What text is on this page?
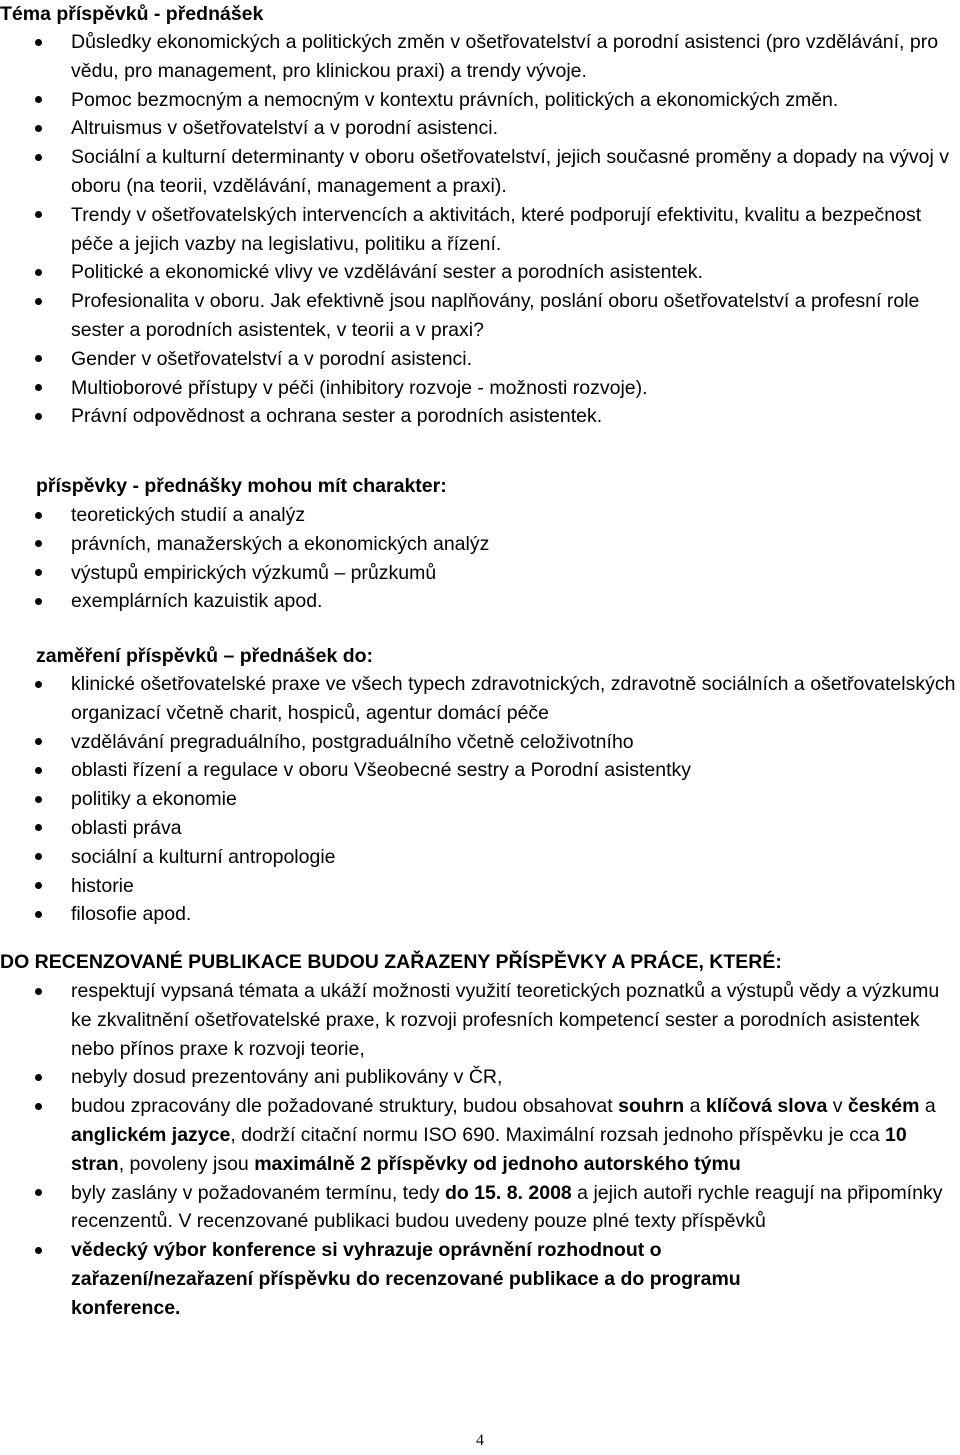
Téma příspěvků - přednášek
Důsledky ekonomických a politických změn v ošetřovatelství a porodní asistenci (pro vzdělávání, pro vědu, pro management, pro klinickou praxi) a trendy vývoje.
Pomoc bezmocným a nemocným v kontextu právních, politických a ekonomických změn.
Altruismus v ošetřovatelství a v porodní asistenci.
Sociální a kulturní determinanty v oboru ošetřovatelství, jejich současné proměny a dopady na vývoj v oboru (na teorii, vzdělávání, management a praxi).
Trendy v ošetřovatelských intervencích a aktivitách, které podporují efektivitu, kvalitu a bezpečnost péče a jejich vazby na legislativu, politiku a řízení.
Politické a ekonomické vlivy ve vzdělávání sester a porodních asistentek.
Profesionalita v oboru. Jak efektivně jsou naplňovány, poslání oboru ošetřovatelství a profesní role sester a porodních asistentek, v teorii a v praxi?
Gender v ošetřovatelství a v porodní asistenci.
Multioborové přístupy v péči (inhibitory rozvoje - možnosti rozvoje).
Právní odpovědnost a ochrana sester a porodních asistentek.
příspěvky - přednášky mohou mít charakter:
teoretických studií a analýz
právních, manažerských a ekonomických analýz
výstupů empirických výzkumů – průzkumů
exemplárních kazuistik apod.
zaměření příspěvků – přednášek do:
klinické ošetřovatelské praxe ve všech typech zdravotnických, zdravotně sociálních a ošetřovatelských organizací včetně charit, hospiců, agentur domácí péče
vzdělávání pregraduálního, postgraduálního včetně celoživotního
oblasti řízení a regulace v oboru Všeobecné sestry a Porodní asistentky
politiky a ekonomie
oblasti práva
sociální a kulturní antropologie
historie
filosofie apod.
DO RECENZOVANÉ PUBLIKACE BUDOU ZAŘAZENY PŘÍSPĚVKY A PRÁCE, KTERÉ:
respektují vypsaná témata a ukáží možnosti využití teoretických poznatků a výstupů vědy a výzkumu ke zkvalitnění ošetřovatelské praxe, k rozvoji profesních kompetencí sester a porodních asistentek nebo přínos praxe k rozvoji teorie,
nebyly dosud prezentovány ani publikovány v ČR,
budou zpracovány dle požadované struktury, budou obsahovat souhrn a klíčová slova v českém a anglickém jazyce, dodrží citační normu ISO 690. Maximální rozsah jednoho příspěvku je cca 10 stran, povoleny jsou maximálně 2 příspěvky od jednoho autorského týmu
byly zaslány v požadovaném termínu, tedy do 15. 8. 2008 a jejich autoři rychle reagují na připomínky recenzentů. V recenzované publikaci budou uvedeny pouze plné texty příspěvků
vědecký výbor konference si vyhrazuje oprávnění rozhodnout o zařazení/nezařazení příspěvku do recenzované publikace a do programu konference.
4
